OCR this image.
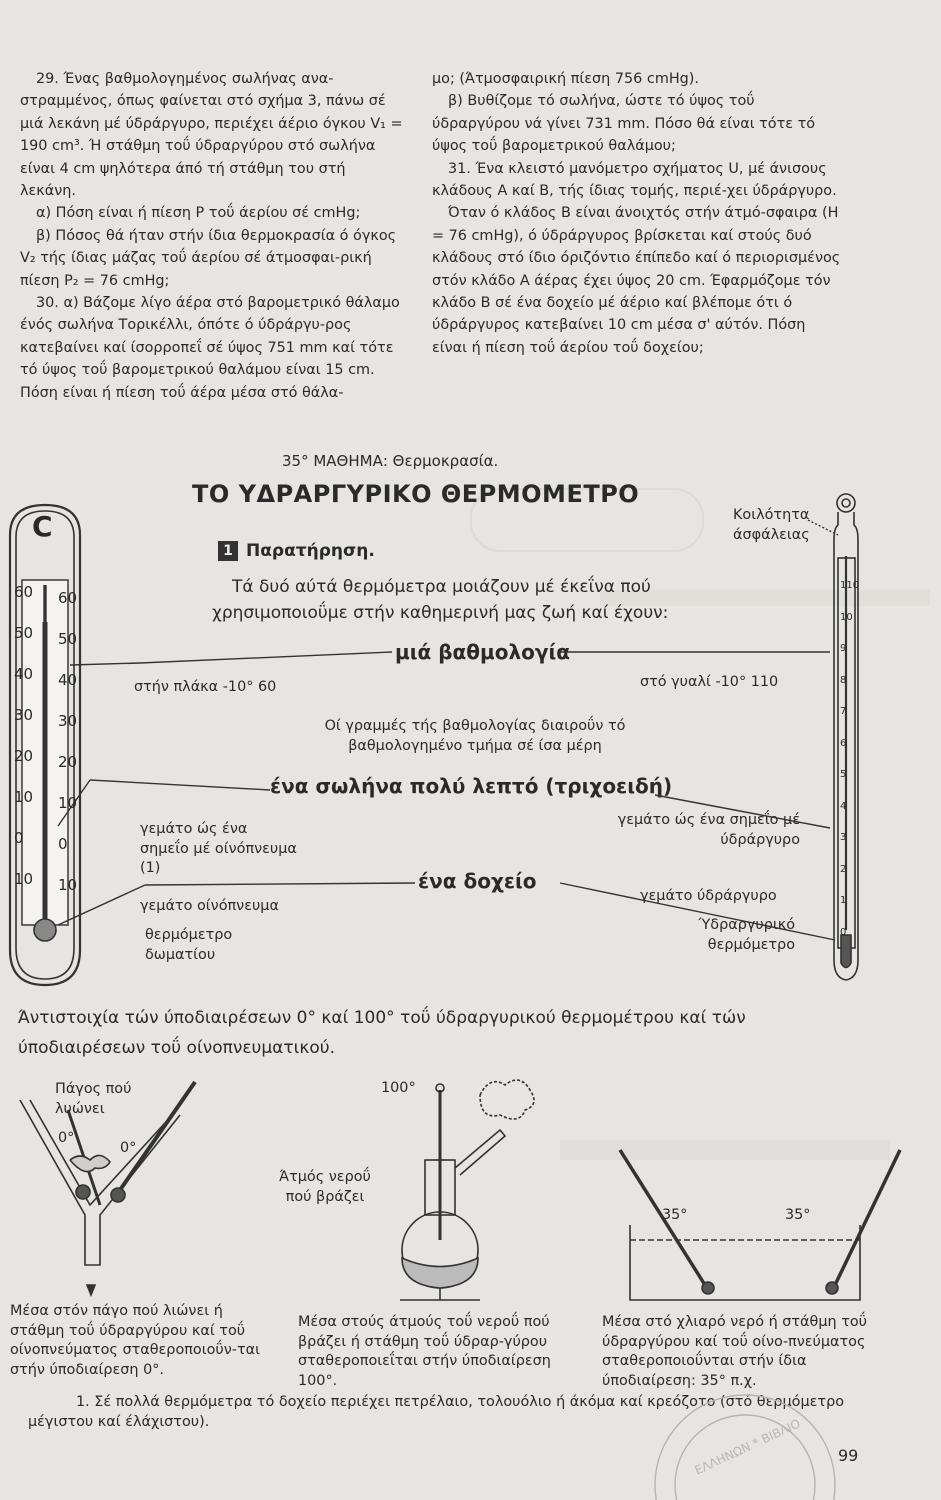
29. Ένας βαθμολογημένος σωλήνας ανα-στραμμένος, όπως φαίνεται στό σχήμα 3, πάνω σέ μιά λεκάνη μέ ύδράργυρο, περιέχει άέριο όγκου V₁ = 190 cm³. Ή στάθμη τοΰ ύδραργύρου στό σωλήνα είναι 4 cm ψηλότερα άπό τή στάθμη του στή λεκάνη.

α) Πόση είναι ή πίεση Ρ τοΰ άερίου σέ cmHg;

β) Πόσος θά ήταν στήν ίδια θερμοκρασία ό όγκος V₂ τής ίδιας μάζας τοΰ άερίου σέ άτμοσφαι-ρική πίεση Ρ₂ = 76 cmHg;

30. α) Βάζομε λίγο άέρα στό βαρομετρικό θάλαμο ένός σωλήνα Τορικέλλι, όπότε ό ύδράργυ-ρος κατεβαίνει καί ίσορροπεΐ σέ ύψος 751 mm καί τότε τό ύψος τοΰ βαρομετρικού θαλάμου είναι 15 cm. Πόση είναι ή πίεση τοΰ άέρα μέσα στό θάλα-

μο; (Άτμοσφαιρική πίεση 756 cmHg).

β) Βυθίζομε τό σωλήνα, ώστε τό ύψος τοΰ ύδραργύρου νά γίνει 731 mm. Πόσο θά είναι τότε τό ύψος τοΰ βαρομετρικού θαλάμου;

31. Ένα κλειστό μανόμετρο σχήματος U, μέ άνισους κλάδους Α καί Β, τής ίδιας τομής, περιέ-χει ύδράργυρο.

Όταν ό κλάδος Β είναι άνοιχτός στήν άτμό-σφαιρα (Η = 76 cmHg), ό ύδράργυρος βρίσκεται καί στούς δυό κλάδους στό ίδιο όριζόντιο έπίπεδο καί ό περιορισμένος στόν κλάδο Α άέρας έχει ύψος 20 cm. Έφαρμόζομε τόν κλάδο Β σέ ένα δοχείο μέ άέριο καί βλέπομε ότι ό ύδράργυρος κατεβαίνει 10 cm μέσα σ' αύτόν. Πόση είναι ή πίεση τοΰ άερίου τοΰ δοχείου;

35° ΜΑΘΗΜΑ: Θερμοκρασία.
ΤΟ ΥΔΡΑΡΓΥΡΙΚΟ ΘΕΡΜΟΜΕΤΡΟ
1 Παρατήρηση.
Τά δυό αύτά θερμόμετρα μοιάζουν μέ έκεΐνα πού χρησιμοποιοΰμε στήν καθημερινή μας ζωή καί έχουν:
μιά βαθμολογία
στήν πλάκα -10° 60	στό γυαλί -10° 110
Οί γραμμές τής βαθμολογίας διαιροΰν τό βαθμολογημένο τμήμα σέ ίσα μέρη
ένα σωλήνα πολύ λεπτό (τριχοειδή)
γεμάτο ώς ένα σημεΐο μέ οίνόπνευμα (1)
γεμάτο ώς ένα σημεΐο μέ ύδράργυρο
ένα δοχείο
γεμάτο οίνόπνευμα
γεμάτο ύδράργυρο
θερμόμετρο δωματίου
Ύδραργυρικό θερμόμετρο
Κοιλότητα άσφάλειας
Άντιστοιχία τών ύποδιαιρέσεων 0° καί 100° τοΰ ύδραργυρικού θερμομέτρου καί τών ύποδιαιρέσεων τοΰ οίνοπνευματικού.
Πάγος πού λυώνει
0°
0°
Μέσα στόν πάγο πού λιώνει ή στάθμη τοΰ ύδραργύρου καί τοΰ οίνοπνεύματος σταθεροποιοΰν-ται στήν ύποδιαίρεση 0°.
100°
Άτμός νεροΰ πού βράζει
Μέσα στούς άτμούς τοΰ νεροΰ πού βράζει ή στάθμη τοΰ ύδραρ-γύρου σταθεροποιεΐται στήν ύποδιαίρεση 100°.
35°	35°
Μέσα στό χλιαρό νερό ή στάθμη τοΰ ύδραργύρου καί τοΰ οίνο-πνεύματος σταθεροποιοΰνται στήν ίδια ύποδιαίρεση: 35° π.χ.
1. Σέ πολλά θερμόμετρα τό δοχείο περιέχει πετρέλαιο, τολουόλιο ή άκόμα καί κρεόζοτο (στό θερμόμετρο μέγιστου καί έλάχιστου).
99
C
60 60
50 50
40 40
30 30
20 20
10 10
0 0
10 10
110
10
9
8
7
6
5
4
3
2
1
0
ΕΛΛΗΝΩΝ * ΒΙΒΛΙΟ
